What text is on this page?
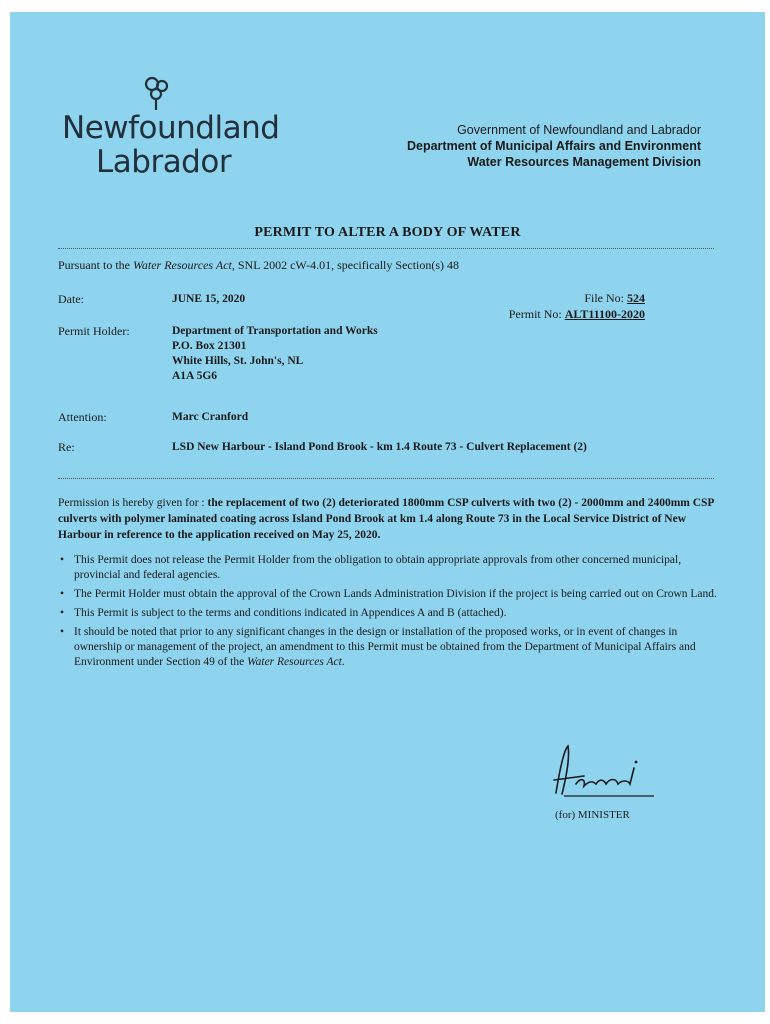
Newfoundland
Labrador
Government of Newfoundland and Labrador
Department of Municipal Affairs and Environment
Water Resources Management Division
PERMIT TO ALTER A BODY OF WATER
Pursuant to the Water Resources Act, SNL 2002 cW-4.01, specifically Section(s) 48
Date:	JUNE 15, 2020	File No: 524
Permit No: ALT11100-2020
Permit Holder:	Department of Transportation and Works
P.O. Box 21301
White Hills, St. John's, NL
A1A 5G6
Attention:	Marc Cranford
Re:	LSD New Harbour - Island Pond Brook - km 1.4 Route 73 - Culvert Replacement (2)
Permission is hereby given for : the replacement of two (2) deteriorated 1800mm CSP culverts with two (2) - 2000mm and 2400mm CSP culverts with polymer laminated coating across Island Pond Brook at km 1.4 along Route 73 in the Local Service District of New Harbour in reference to the application received on May 25, 2020.
• This Permit does not release the Permit Holder from the obligation to obtain appropriate approvals from other concerned municipal, provincial and federal agencies.
• The Permit Holder must obtain the approval of the Crown Lands Administration Division if the project is being carried out on Crown Land.
• This Permit is subject to the terms and conditions indicated in Appendices A and B (attached).
• It should be noted that prior to any significant changes in the design or installation of the proposed works, or in event of changes in ownership or management of the project, an amendment to this Permit must be obtained from the Department of Municipal Affairs and Environment under Section 49 of the Water Resources Act.
(for) MINISTER
